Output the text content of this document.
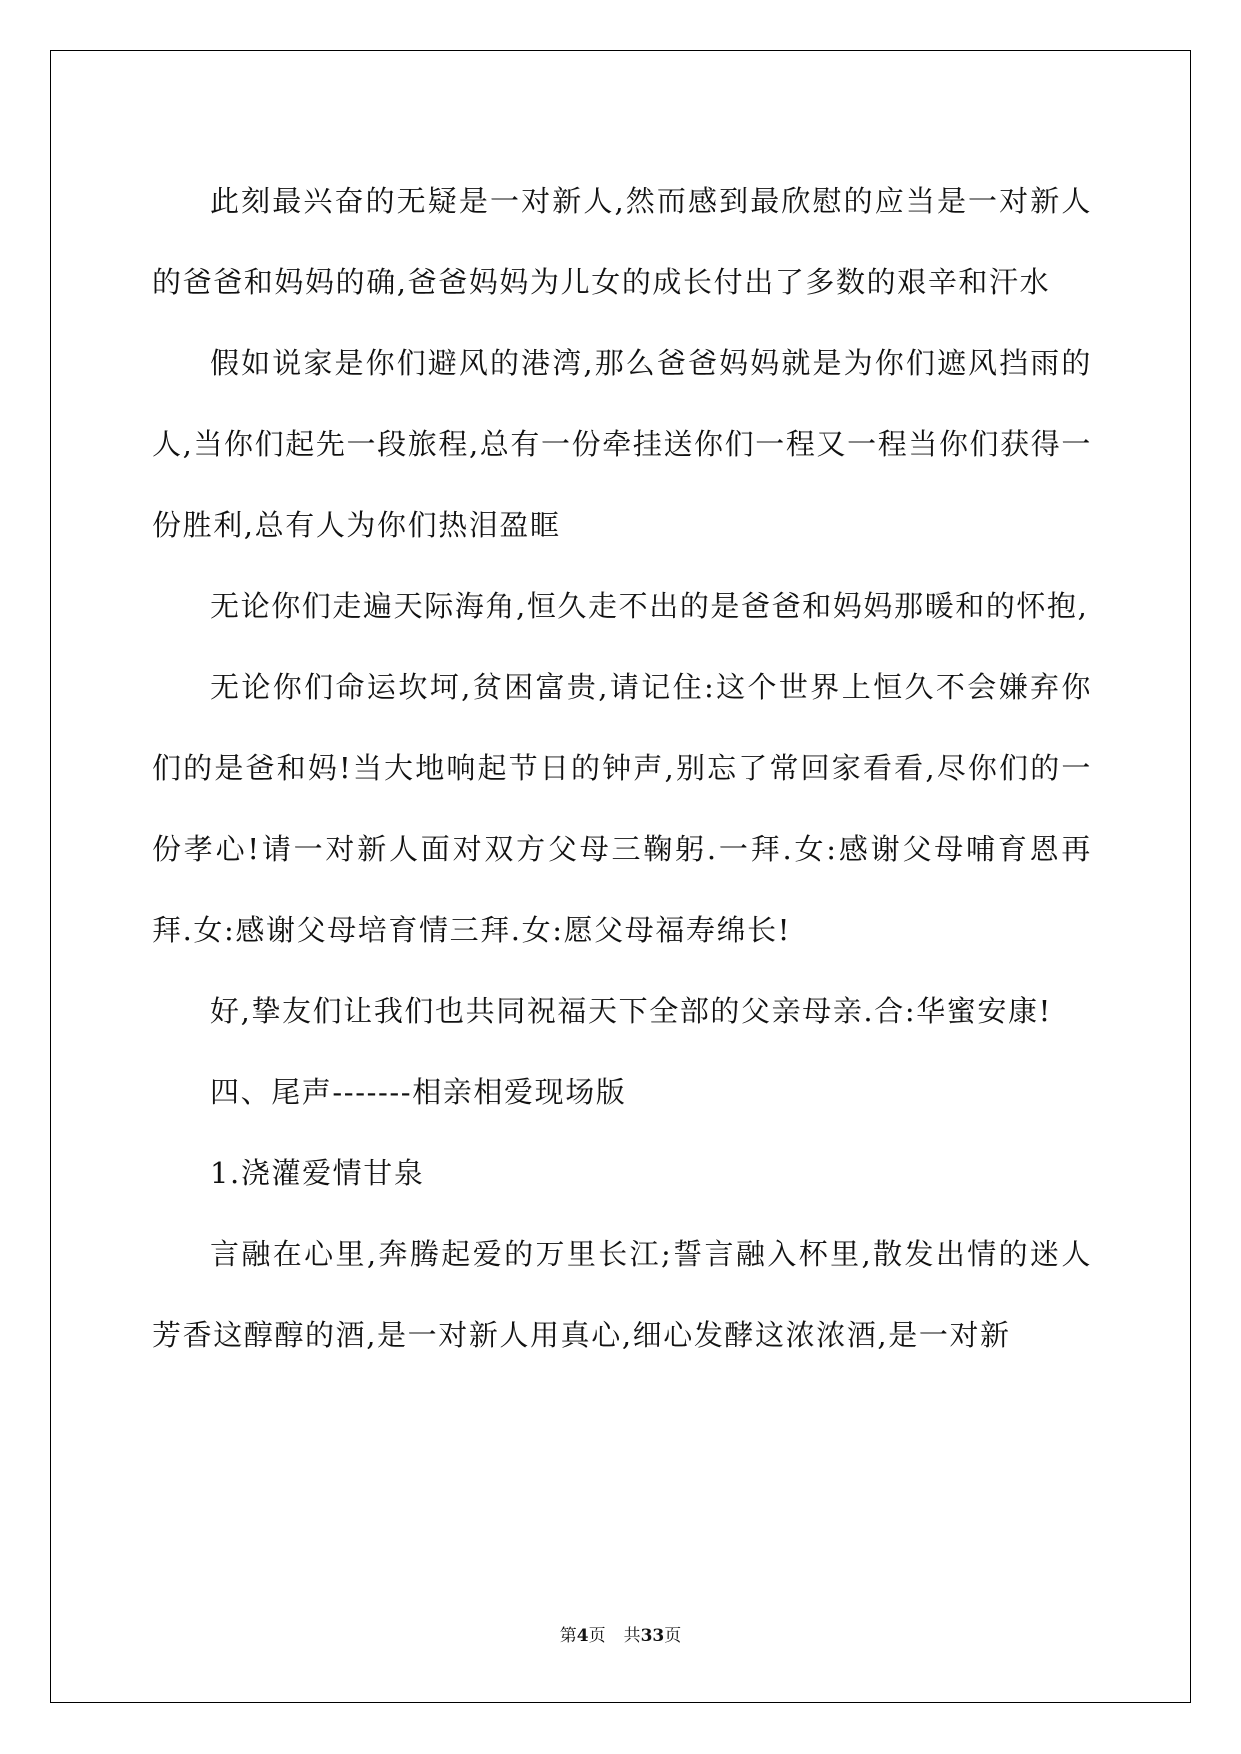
此刻最兴奋的无疑是一对新人,然而感到最欣慰的应当是一对新人的爸爸和妈妈的确,爸爸妈妈为儿女的成长付出了多数的艰辛和汗水

假如说家是你们避风的港湾,那么爸爸妈妈就是为你们遮风挡雨的人,当你们起先一段旅程,总有一份牵挂送你们一程又一程当你们获得一份胜利,总有人为你们热泪盈眶

无论你们走遍天际海角,恒久走不出的是爸爸和妈妈那暖和的怀抱,

无论你们命运坎坷,贫困富贵,请记住:这个世界上恒久不会嫌弃你们的是爸和妈!当大地响起节日的钟声,别忘了常回家看看,尽你们的一份孝心!请一对新人面对双方父母三鞠躬.一拜.女:感谢父母哺育恩再拜.女:感谢父母培育情三拜.女:愿父母福寿绵长!

好,挚友们让我们也共同祝福天下全部的父亲母亲.合:华蜜安康!

四、尾声-------相亲相爱现场版

1.浇灌爱情甘泉

言融在心里,奔腾起爱的万里长江;誓言融入杯里,散发出情的迷人芳香这醇醇的酒,是一对新人用真心,细心发酵这浓浓酒,是一对新

第4页 共33页
